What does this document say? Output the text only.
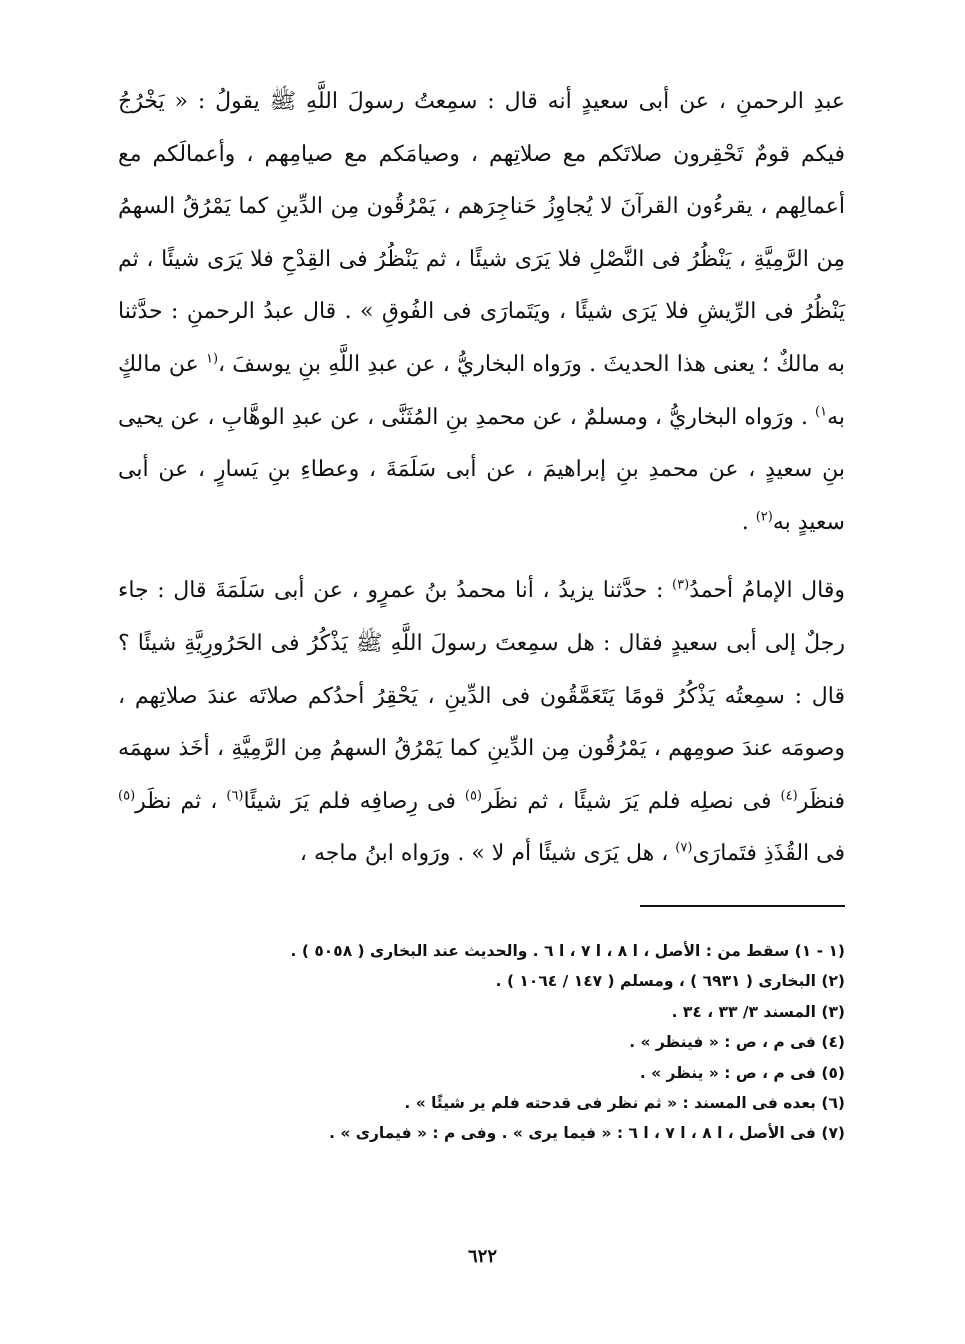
عبدِ الرحمنِ ، عن أبى سعيدٍ أنه قال : سمِعتُ رسولَ اللَّهِ ﷺ يقولُ : « يَخْرُجُ فيكم قومٌ تَحْقِرون صلاتَكم مع صلاتِهم ، وصيامَكم مع صيامِهم ، وأعمالَكم مع أعمالِهم ، يقرءُون القرآنَ لا يُجاوِزُ حَناجِرَهم ، يَمْرُقُون مِن الدِّينِ كما يَمْرُقُ السهمُ مِن الرَّمِيَّةِ ، يَنْظُرُ فى النَّصْلِ فلا يَرَى شيئًا ، ثم يَنْظُرُ فى القِدْحِ فلا يَرَى شيئًا ، ثم يَنْظُرُ فى الرِّيشِ فلا يَرَى شيئًا ، ويَتَمارَى فى الفُوقِ » . قال عبدُ الرحمنِ : حدَّثنا به مالكٌ ؛ يعنى هذا الحديثَ . ورَواه البخاريُّ ، عن عبدِ اللَّهِ بنِ يوسفَ ،$^{(١}$ عن مالكٍ به$^{١)}$ . ورَواه البخاريُّ ، ومسلمٌ ، عن محمدِ بنِ المُثَنَّى ، عن عبدِ الوهَّابِ ، عن يحيى بنِ سعيدٍ ، عن محمدِ بنِ إبراهيمَ ، عن أبى سَلَمَةَ ، وعطاءِ بنِ يَسارٍ ، عن أبى سعيدٍ به$^{(٢)}$ .

وقال الإمامُ أحمدُ$^{(٣)}$ : حدَّثنا يزيدُ ، أنا محمدُ بنُ عمرٍو ، عن أبى سَلَمَةَ قال : جاء رجلٌ إلى أبى سعيدٍ فقال : هل سمِعتَ رسولَ اللَّهِ ﷺ يَذْكُرُ فى الحَرُورِيَّةِ شيئًا ؟ قال : سمِعتُه يَذْكُرُ قومًا يَتَعَمَّقُون فى الدِّينِ ، يَحْقِرُ أحدُكم صلاتَه عندَ صلاتِهم ، وصومَه عندَ صومِهم ، يَمْرُقُون مِن الدِّينِ كما يَمْرُقُ السهمُ مِن الرَّمِيَّةِ ، أخَذ سهمَه فنظَر$^{(٤)}$ فى نصلِه فلم يَرَ شيئًا ، ثم نظَر$^{(٥)}$ فى رِصافِه فلم يَرَ شيئًا$^{(٦)}$ ، ثم نظَر$^{(٥)}$ فى القُذَذِ فتَمارَى$^{(٧)}$ ، هل يَرَى شيئًا أم لا » . ورَواه ابنُ ماجه ،

(١ - ١) سقط من : الأصل ، ا ٨ ، ا ٧ ، ا ٦ . والحديث عند البخارى ( ٥٠٥٨ ) .
(٢) البخارى ( ٦٩٣١ ) ، ومسلم ( ١٤٧ / ١٠٦٤ ) .
(٣) المسند ٣/ ٣٣ ، ٣٤ .
(٤) فى م ، ص : « فينظر » .
(٥) فى م ، ص : « ينظر » .
(٦) بعده فى المسند : « ثم نظر فى قدحته فلم ير شيئًا » .
(٧) فى الأصل ، ا ٨ ، ا ٧ ، ا ٦ : « فيما يرى » . وفى م : « فيمارى » .
٦٢٢
